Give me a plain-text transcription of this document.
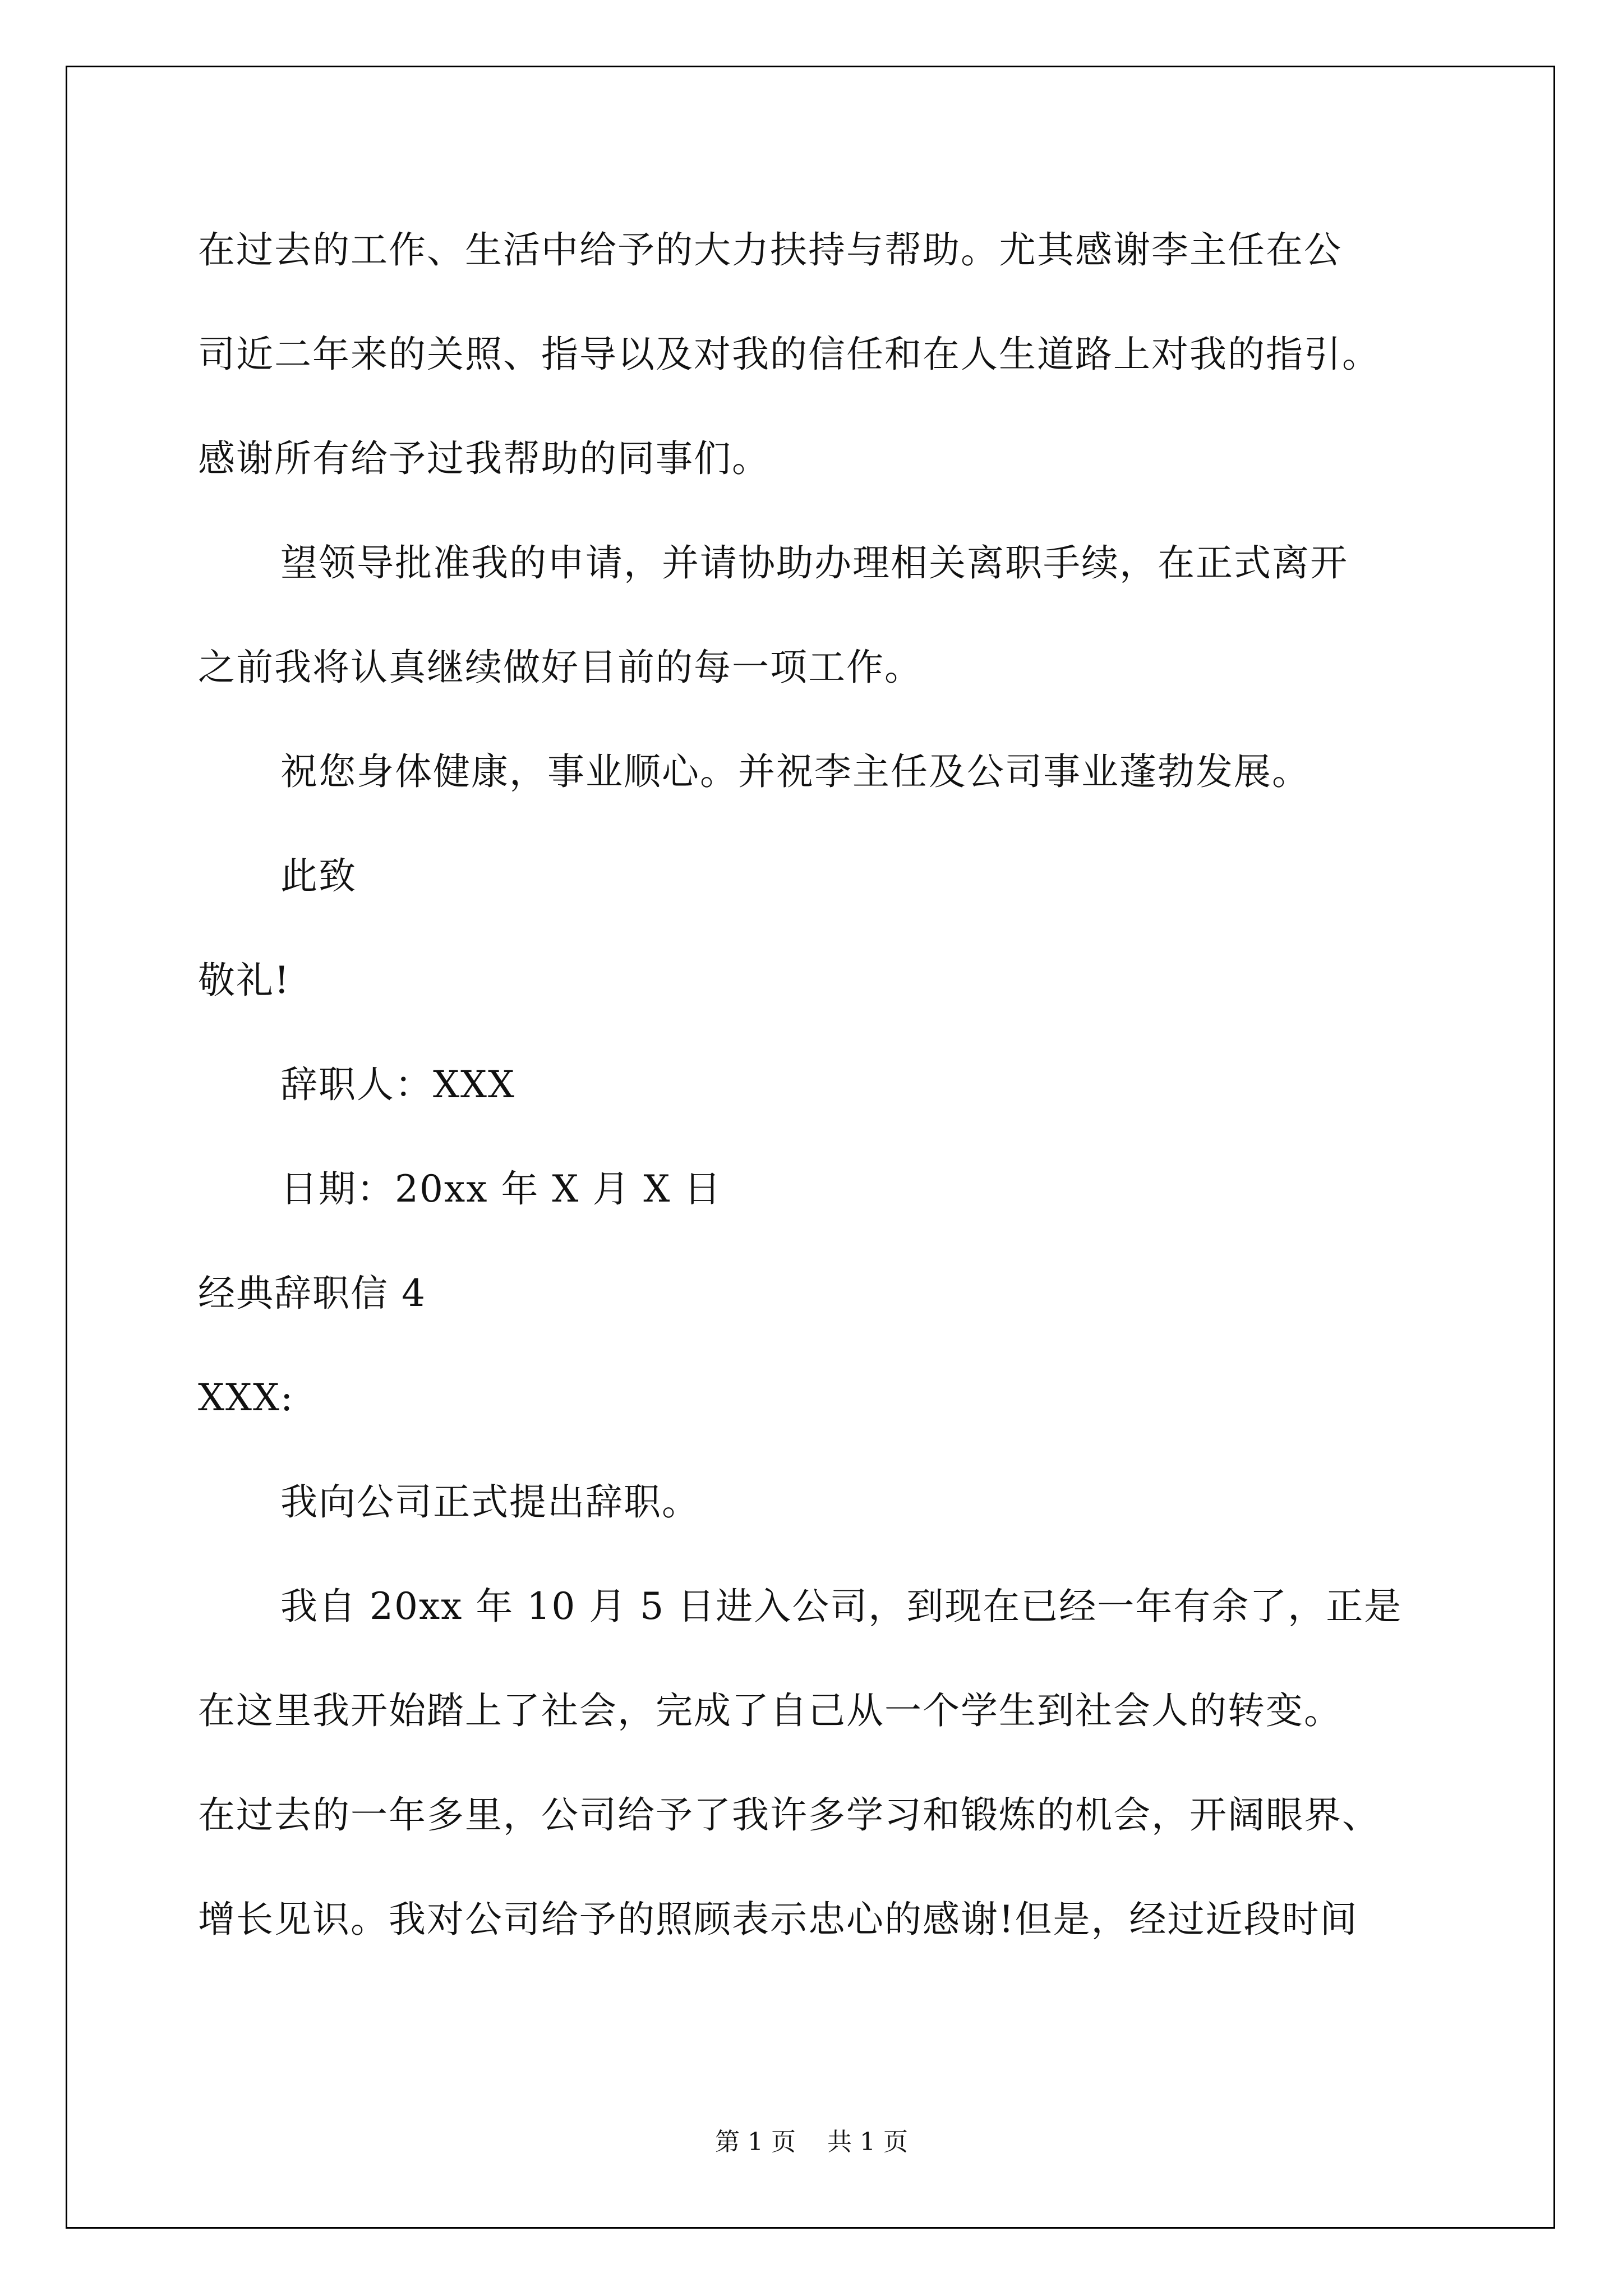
在过去的工作、生活中给予的大力扶持与帮助。尤其感谢李主任在公
司近二年来的关照、指导以及对我的信任和在人生道路上对我的指引。
感谢所有给予过我帮助的同事们。
望领导批准我的申请，并请协助办理相关离职手续，在正式离开
之前我将认真继续做好目前的每一项工作。
祝您身体健康，事业顺心。并祝李主任及公司事业蓬勃发展。
此致
敬礼!
辞职人：XXX
日期：20xx 年 X 月 X 日
经典辞职信 4
XXX:
我向公司正式提出辞职。
我自 20xx 年 10 月 5 日进入公司，到现在已经一年有余了，正是
在这里我开始踏上了社会，完成了自己从一个学生到社会人的转变。
在过去的一年多里，公司给予了我许多学习和锻炼的机会，开阔眼界、
增长见识。我对公司给予的照顾表示忠心的感谢!但是，经过近段时间
第 1 页 共 1 页
